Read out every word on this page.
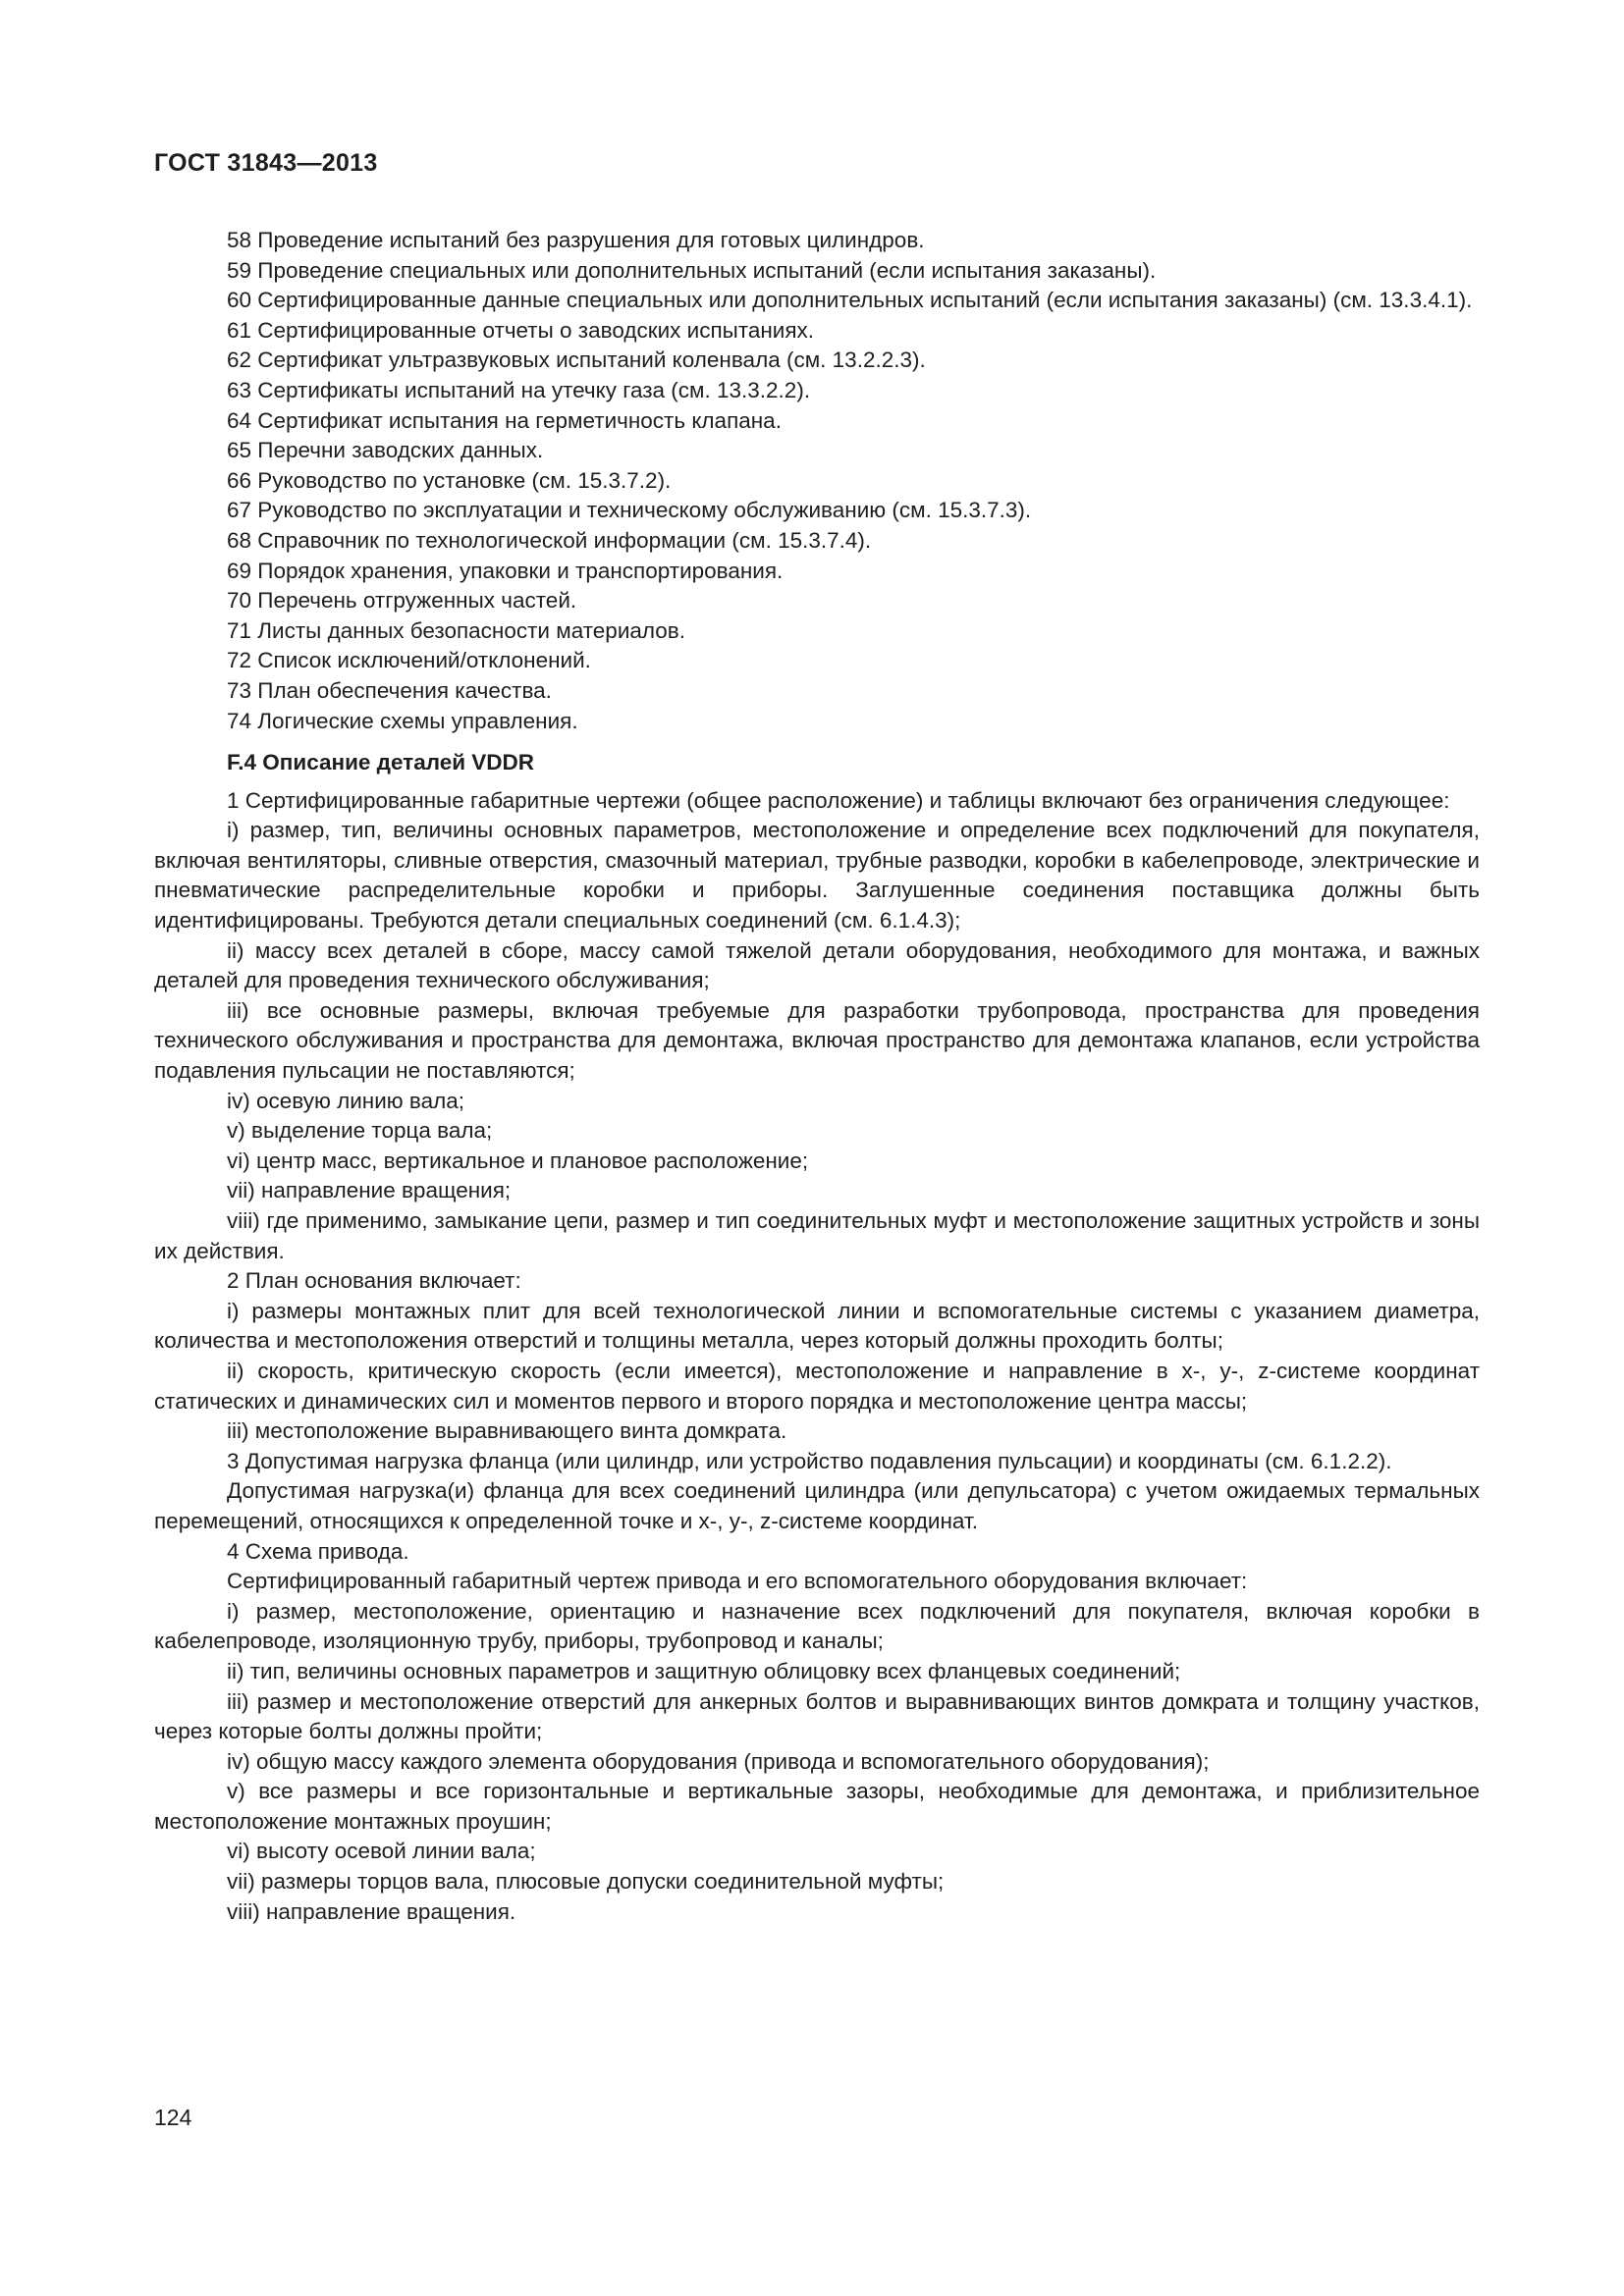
ГОСТ 31843—2013

58 Проведение испытаний без разрушения для готовых цилиндров.

59 Проведение специальных или дополнительных испытаний (если испытания заказаны).

60 Сертифицированные данные специальных или дополнительных испытаний (если испытания заказаны) (см. 13.3.4.1).

61 Сертифицированные отчеты о заводских испытаниях.

62 Сертификат ультразвуковых испытаний коленвала (см. 13.2.2.3).

63 Сертификаты испытаний на утечку газа (см. 13.3.2.2).

64 Сертификат испытания на герметичность клапана.

65 Перечни заводских данных.

66 Руководство по установке (см. 15.3.7.2).

67 Руководство по эксплуатации и техническому обслуживанию (см. 15.3.7.3).

68 Справочник по технологической информации (см. 15.3.7.4).

69 Порядок хранения, упаковки и транспортирования.

70 Перечень отгруженных частей.

71 Листы данных безопасности материалов.

72 Список исключений/отклонений.

73 План обеспечения качества.

74 Логические схемы управления.

F.4 Описание деталей VDDR

1 Сертифицированные габаритные чертежи (общее расположение) и таблицы включают без ограничения следующее:

i) размер, тип, величины основных параметров, местоположение и определение всех подключений для покупателя, включая вентиляторы, сливные отверстия, смазочный материал, трубные разводки, коробки в кабелепроводе, электрические и пневматические распределительные коробки и приборы. Заглушенные соединения поставщика должны быть идентифицированы. Требуются детали специальных соединений (см. 6.1.4.3);

ii) массу всех деталей в сборе, массу самой тяжелой детали оборудования, необходимого для монтажа, и важных деталей для проведения технического обслуживания;

iii) все основные размеры, включая требуемые для разработки трубопровода, пространства для проведения технического обслуживания и пространства для демонтажа, включая пространство для демонтажа клапанов, если устройства подавления пульсации не поставляются;

iv) осевую линию вала;

v) выделение торца вала;

vi) центр масс, вертикальное и плановое расположение;

vii) направление вращения;

viii) где применимо, замыкание цепи, размер и тип соединительных муфт и местоположение защитных устройств и зоны их действия.

2 План основания включает:

i) размеры монтажных плит для всей технологической линии и вспомогательные системы с указанием диаметра, количества и местоположения отверстий и толщины металла, через который должны проходить болты;

ii) скорость, критическую скорость (если имеется), местоположение и направление в x-, y-, z-системе координат статических и динамических сил и моментов первого и второго порядка и местоположение центра массы;

iii) местоположение выравнивающего винта домкрата.

3 Допустимая нагрузка фланца (или цилиндр, или устройство подавления пульсации) и координаты (см. 6.1.2.2).

Допустимая нагрузка(и) фланца для всех соединений цилиндра (или депульсатора) с учетом ожидаемых термальных перемещений, относящихся к определенной точке и x-, y-, z-системе координат.

4 Схема привода.

Сертифицированный габаритный чертеж привода и его вспомогательного оборудования включает:

i) размер, местоположение, ориентацию и назначение всех подключений для покупателя, включая коробки в кабелепроводе, изоляционную трубу, приборы, трубопровод и каналы;

ii) тип, величины основных параметров и защитную облицовку всех фланцевых соединений;

iii) размер и местоположение отверстий для анкерных болтов и выравнивающих винтов домкрата и толщину участков, через которые болты должны пройти;

iv) общую массу каждого элемента оборудования (привода и вспомогательного оборудования);

v) все размеры и все горизонтальные и вертикальные зазоры, необходимые для демонтажа, и приблизительное местоположение монтажных проушин;

vi) высоту осевой линии вала;

vii) размеры торцов вала, плюсовые допуски соединительной муфты;

viii) направление вращения.

124
